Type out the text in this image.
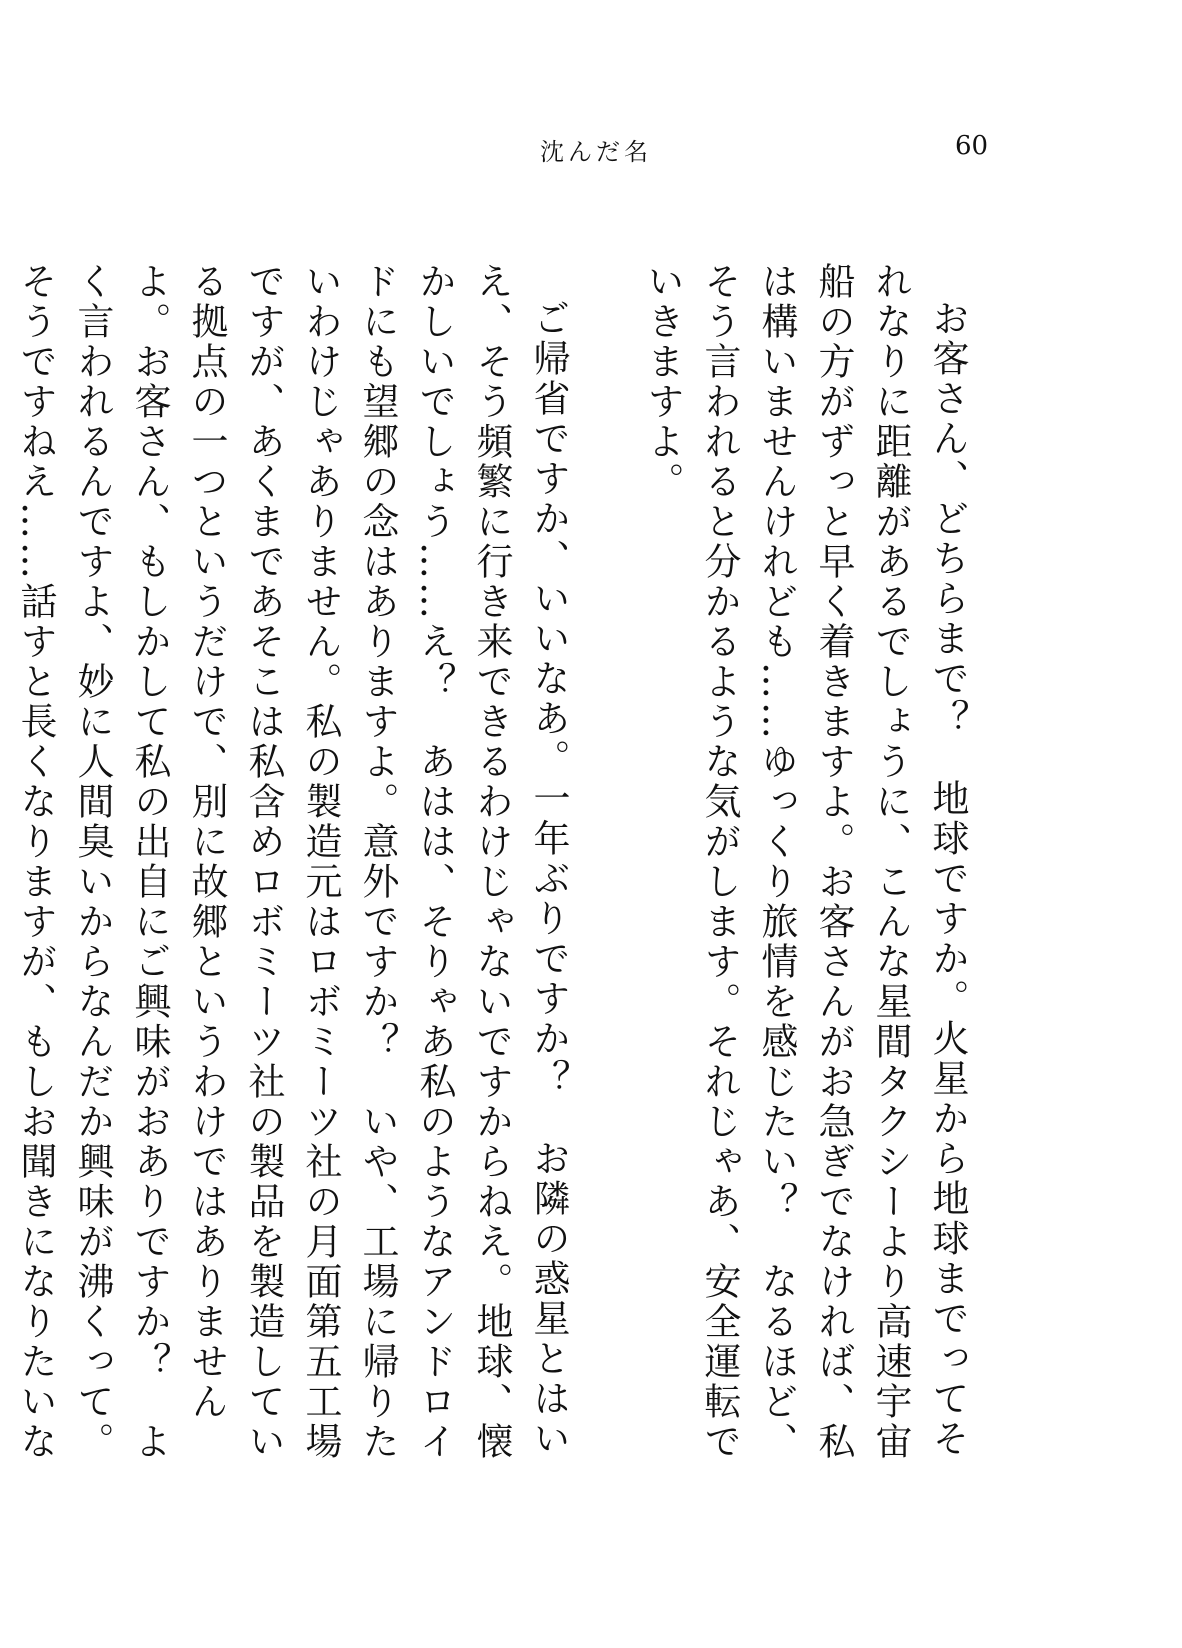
沈んだ名	60

お客さん、どちらまで？　地球ですか。火星から地球までってそれなりに距離があるでしょうに、こんな星間タクシーより高速宇宙船の方がずっと早く着きますよ。お客さんがお急ぎでなければ、私は構いませんけれども……ゆっくり旅情を感じたい？　なるほど、そう言われると分かるような気がします。それじゃあ、安全運転でいきますよ。

ご帰省ですか、いいなあ。一年ぶりですか？　お隣の惑星とはいえ、そう頻繁に行き来できるわけじゃないですからねえ。地球、懐かしいでしょう……え？　あはは、そりゃあ私のようなアンドロイドにも望郷の念はありますよ。意外ですか？　いや、工場に帰りたいわけじゃありません。私の製造元はロボミーツ社の月面第五工場ですが、あくまであそこは私含めロボミーツ社の製品を製造している拠点の一つというだけで、別に故郷というわけではありませんよ。お客さん、もしかして私の出自にご興味がおありですか？　よく言われるんですよ、妙に人間臭いからなんだか興味が沸くって。そうですねえ……話すと長くなりますが、もしお聞きになりたいな
